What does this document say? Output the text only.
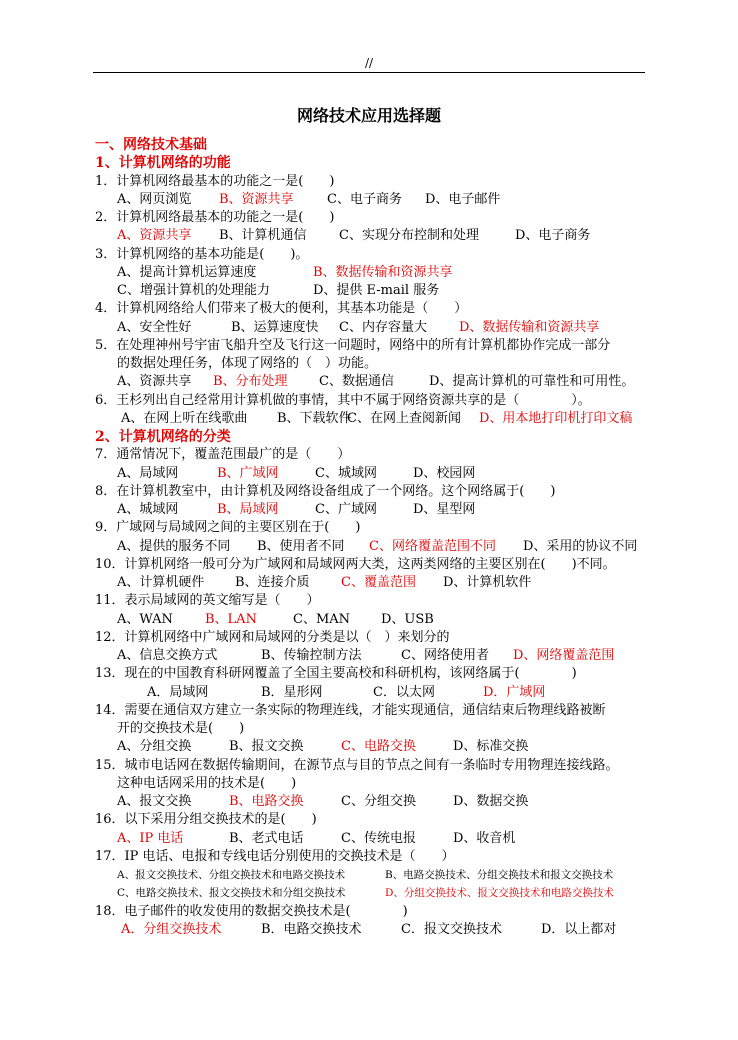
//
网络技术应用选择题
一、网络技术基础
1、计算机网络的功能
1．计算机网络最基本的功能之一是(　　)
A、网页浏览 B、资源共享	C、电子商务 D、电子邮件
2．计算机网络最基本的功能之一是(　　)
A、资源共享 B、计算机通信 C、实现分布控制和处理	D、电子商务
3．计算机网络的基本功能是(　　)。
A、提高计算机运算速度	B、数据传输和资源共享
C、增强计算机的处理能力	D、提供 E-mail 服务
4．计算机网络给人们带来了极大的便利，其基本功能是（　　）
A、安全性好	B、运算速度快 C、内存容量大 D、数据传输和资源共享
5．在处理神州号宇宙飞船升空及飞行这一问题时，网络中的所有计算机都协作完成一部分
的数据处理任务，体现了网络的（　）功能。
A、资源共享 B、分布处理 C、数据通信	D、提高计算机的可靠性和可用性。
6．王杉列出自己经常用计算机做的事情，其中不属于网络资源共享的是（　　　　）。
A、在网上听在线歌曲 B、下载软件
C、在网上查阅新闻 D、用本地打印机打印文稿
2、计算机网络的分类
7．通常情况下，覆盖范围最广的是（　　）
A、局域网	B、广域网	C、城域网	D、校园网
8．在计算机教室中，由计算机及网络设备组成了一个网络。这个网络属于(　　)
A、城域网	B、局域网	C、广域网	D、星型网
9．广域网与局域网之间的主要区别在于(　　)
A、提供的服务不同 B、使用者不同 C、网络覆盖范围不同 D、采用的协议不同
10．计算机网络一般可分为广域网和局域网两大类，这两类网络的主要区别在(　　)不同。
A、计算机硬件 B、连接介质 C、覆盖范围 D、计算机软件
11．表示局域网的英文缩写是（　　）
A、WAN B、LAN	C、MAN D、USB
12．计算机网络中广域网和局域网的分类是以（　）来划分的
A、信息交换方式	B、传输控制方法	C、网络使用者 D、网络覆盖范围
13．现在的中国教育科研网覆盖了全国主要高校和科研机构，该网络属于(　　　　)
A．局域网	B．星形网	C．以太网	D．广域网
14．需要在通信双方建立一条实际的物理连线，才能实现通信，通信结束后物理线路被断
开的交换技术是(　　)
A、分组交换	B、报文交换	C、电路交换	D、标准交换
15．城市电话网在数据传输期间，在源节点与目的节点之间有一条临时专用物理连接线路。
这种电话网采用的技术是(　　)
A、报文交换	B、电路交换	C、分组交换	D、数据交换
16．以下采用分组交换技术的是(　　)
A、IP 电话	B、老式电话	C、传统电报	D、收音机
17．IP 电话、电报和专线电话分别使用的交换技术是（　　）
A、报文交换技术、分组交换技术和电路交换技术	B、电路交换技术、分组交换技术和报文交换技术
C、电路交换技术、报文交换技术和分组交换技术	D、分组交换技术、报文交换技术和电路交换技术
18．电子邮件的收发使用的数据交换技术是(　　　　)
A．分组交换技术	B．电路交换技术	C．报文交换技术	D．以上都对
